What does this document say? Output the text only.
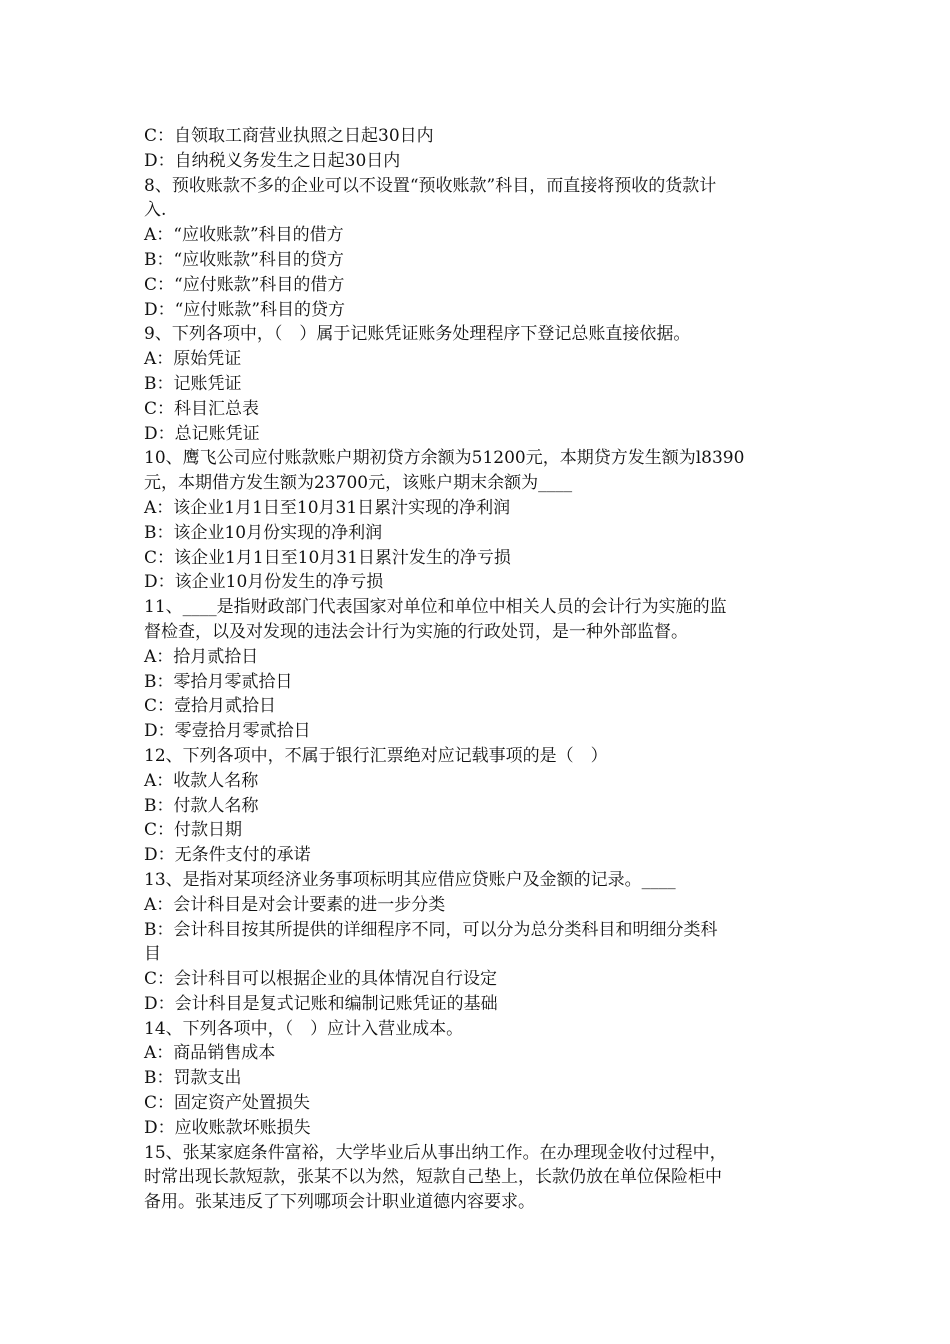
C：自领取工商营业执照之日起30日内

D：自纳税义务发生之日起30日内

8、预收账款不多的企业可以不设置“预收账款”科目，而直接将预收的货款计

入.

A：“应收账款”科目的借方

B：“应收账款”科目的贷方

C：“应付账款”科目的借方

D：“应付账款”科目的贷方

9、下列各项中，（　）属于记账凭证账务处理程序下登记总账直接依据。

A：原始凭证

B：记账凭证

C：科目汇总表

D：总记账凭证

10、鹰飞公司应付账款账户期初贷方余额为51200元，本期贷方发生额为l8390

元，本期借方发生额为23700元，该账户期末余额为____

A：该企业1月1日至10月31日累汁实现的净利润

B：该企业10月份实现的净利润

C：该企业1月1日至10月31日累汁发生的净亏损

D：该企业10月份发生的净亏损

11、____是指财政部门代表国家对单位和单位中相关人员的会计行为实施的监

督检查，以及对发现的违法会计行为实施的行政处罚，是一种外部监督。

A：拾月贰拾日

B：零拾月零贰拾日

C：壹拾月贰拾日

D：零壹拾月零贰拾日

12、下列各项中，不属于银行汇票绝对应记载事项的是（　）

A：收款人名称

B：付款人名称

C：付款日期

D：无条件支付的承诺

13、是指对某项经济业务事项标明其应借应贷账户及金额的记录。____

A：会计科目是对会计要素的进一步分类

B：会计科目按其所提供的详细程序不同，可以分为总分类科目和明细分类科

目

C：会计科目可以根据企业的具体情况自行设定

D：会计科目是复式记账和编制记账凭证的基础

14、下列各项中，（　）应计入营业成本。

A：商品销售成本

B：罚款支出

C：固定资产处置损失

D：应收账款坏账损失

15、张某家庭条件富裕，大学毕业后从事出纳工作。在办理现金收付过程中，

时常出现长款短款，张某不以为然，短款自己垫上，长款仍放在单位保险柜中

备用。张某违反了下列哪项会计职业道德内容要求。
